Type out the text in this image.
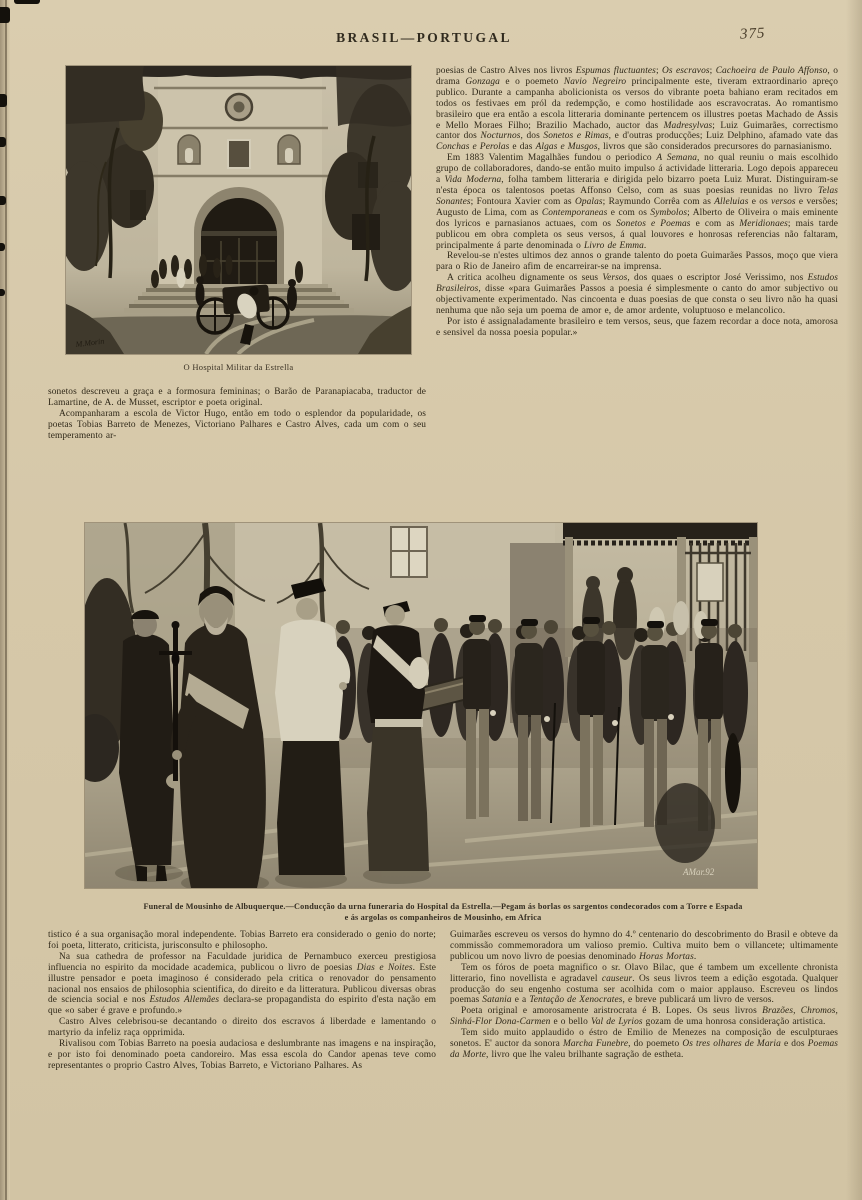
BRASIL—PORTUGAL	375
M.Morin
O Hospital Militar da Estrella

sonetos descreveu a graça e a formosura femininas; o Barão de Paranapiacaba, traductor de Lamartine, de A. de Musset, escriptor e poeta original.

Acompanharam a escola de Victor Hugo, então em todo o esplendor da popularidade, os poetas Tobias Barreto de Menezes, Victoriano Palhares e Castro Alves, cada um com o seu temperamento ar-

poesias de Castro Alves nos livros Espumas fluctuantes; Os escravos; Cachoeira de Paulo Affonso, o drama Gonzaga e o poemeto Navio Negreiro principalmente este, tiveram extraordinario apreço publico. Durante a campanha abolicionista os versos do vibrante poeta bahiano eram recitados em todos os festivaes em pról da redempção, e como hostilidade aos escravocratas. Ao romantismo brasileiro que era então a escola litteraria dominante pertencem os illustres poetas Machado de Assis e Mello Moraes Filho; Brazilio Machado, auctor das Madresylvas; Luiz Guimarães, correctismo cantor dos Nocturnos, dos Sonetos e Rimas, e d'outras producções; Luiz Delphino, afamado vate das Conchas e Perolas e das Algas e Musgos, livros que são considerados precursores do parnasianismo.

Em 1883 Valentim Magalhães fundou o periodico A Semana, no qual reuniu o mais escolhido grupo de collaboradores, dando-se então muito impulso á actividade litteraria. Logo depois appareceu a Vida Moderna, folha tambem litteraria e dirigida pelo bizarro poeta Luiz Murat. Distinguiram-se n'esta época os talentosos poetas Affonso Celso, com as suas poesias reunidas no livro Telas Sonantes; Fontoura Xavier com as Opalas; Raymundo Corrêa com as Alleluias e os versos e versões; Augusto de Lima, com as Contemporaneas e com os Symbolos; Alberto de Oliveira o mais eminente dos lyricos e parnasianos actuaes, com os Sonetos e Poemas e com as Meridionaes; mais tarde publicou em obra completa os seus versos, á qual louvores e honrosas referencias não faltaram, principalmente á parte denominada o Livro de Emma.

Revelou-se n'estes ultimos dez annos o grande talento do poeta Guimarães Passos, moço que viera para o Rio de Janeiro afim de encarreirar-se na imprensa.

A critica acolheu dignamente os seus Versos, dos quaes o escriptor José Verissimo, nos Estudos Brasileiros, disse «para Guimarães Passos a poesia é simplesmente o canto do amor subjectivo ou objectivamente experimentado. Nas cincoenta e duas poesias de que consta o seu livro não ha quasi nenhuma que não seja um poema de amor e, de amor ardente, voluptuoso e melancolico.

Por isto é assignaladamente brasileiro e tem versos, seus, que fazem recordar a doce nota, amorosa e sensivel da nossa poesia popular.»

AMar.92
Funeral de Mousinho de Albuquerque.—Conducção da urna funeraria do Hospital da Estrella.—Pegam ás borlas os sargentos condecorados com a Torre e Espada
e ás argolas os companheiros de Mousinho, em Africa

tistico é a sua organisação moral independente. Tobias Barreto era considerado o genio do norte; foi poeta, litterato, criticista, jurisconsulto e philosopho.

Na sua cathedra de professor na Faculdade juridica de Pernambuco exerceu prestigiosa influencia no espirito da mocidade academica, publicou o livro de poesias Dias e Noites. Este illustre pensador e poeta imaginoso é considerado pela critica o renovador do pensamento nacional nos ensaios de philosophia scientifica, do direito e da litteratura. Publicou diversas obras de sciencia social e nos Estudos Allemães declara-se propagandista do espirito d'esta nação em que «o saber é grave e profundo.»

Castro Alves celebrisou-se decantando o direito dos escravos á liberdade e lamentando o martyrio da infeliz raça opprimida.

Rivalisou com Tobias Barreto na poesia audaciosa e deslumbrante nas imagens e na inspiração, e por isto foi denominado poeta candoreiro. Mas essa escola do Candor apenas teve como representantes o proprio Castro Alves, Tobias Barreto, e Victoriano Palhares. As

Guimarães escreveu os versos do hymno do 4.º centenario do descobrimento do Brasil e obteve da commissão commemoradora um valioso premio. Cultiva muito bem o villancete; ultimamente publicou um novo livro de poesias denominado Horas Mortas.

Tem os fóros de poeta magnifico o sr. Olavo Bilac, que é tambem um excellente chronista litterario, fino novellista e agradavel causeur. Os seus livros teem a edição esgotada. Qualquer producção do seu engenho costuma ser acolhida com o maior applauso. Escreveu os lindos poemas Satania e a Tentação de Xenocrates, e breve publicará um livro de versos.

Poeta original e amorosamente aristrocrata é B. Lopes. Os seus livros Brazões, Chromos, Sinhá-Flor Dona-Carmen e o bello Val de Lyrios gozam de uma honrosa consideração artistica.

Tem sido muito applaudido o éstro de Emilio de Menezes na composição de esculpturaes sonetos. E' auctor da sonora Marcha Funebre, do poemeto Os tres olhares de Maria e dos Poemas da Morte, livro que lhe valeu brilhante sagração de estheta.
